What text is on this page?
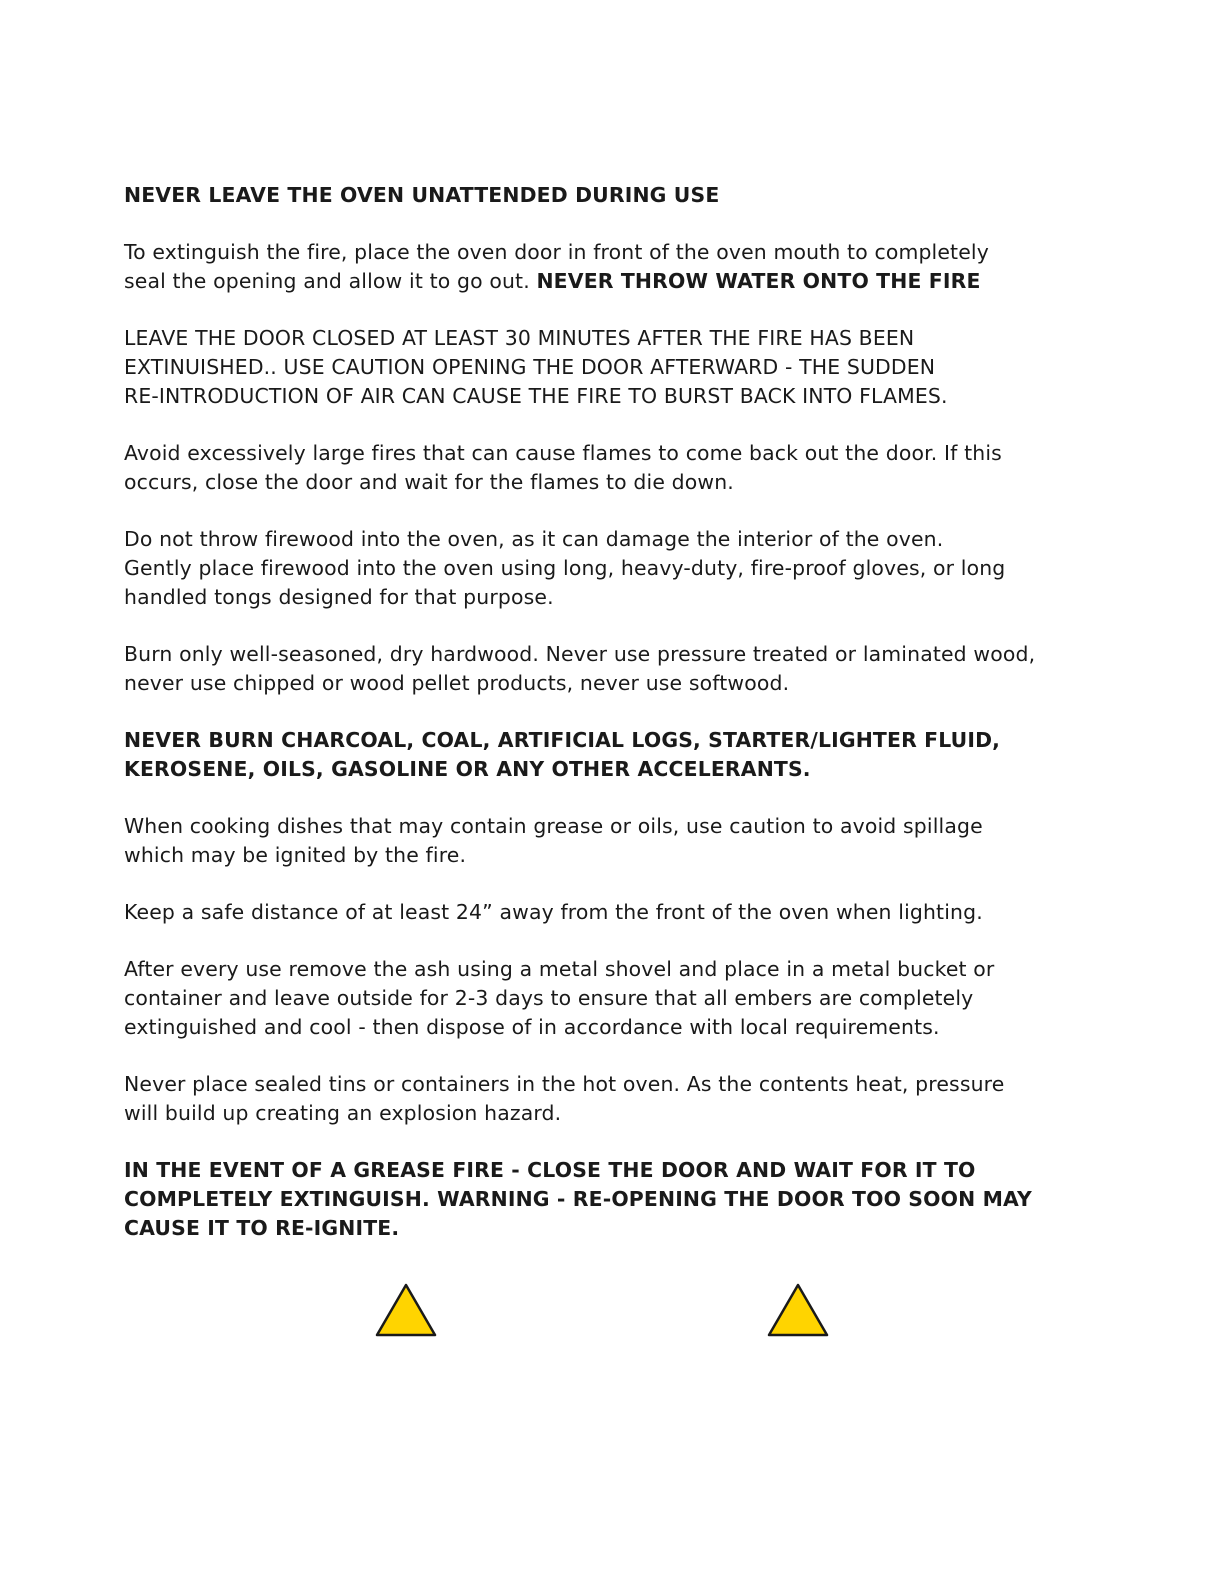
NEVER LEAVE THE OVEN UNATTENDED DURING USE
To extinguish the fire, place the oven door in front of the oven mouth to completely
seal the opening and allow it to go out. NEVER THROW WATER ONTO THE FIRE
LEAVE THE DOOR CLOSED AT LEAST 30 MINUTES AFTER THE FIRE HAS BEEN
EXTINUISHED.. USE CAUTION OPENING THE DOOR AFTERWARD - THE SUDDEN
RE-INTRODUCTION OF AIR CAN CAUSE THE FIRE TO BURST BACK INTO FLAMES.
Avoid excessively large fires that can cause flames to come back out the door. If this
occurs, close the door and wait for the flames to die down.
Do not throw firewood into the oven, as it can damage the interior of the oven.
Gently place firewood into the oven using long, heavy-duty, fire-proof gloves, or long
handled tongs designed for that purpose.
Burn only well-seasoned, dry hardwood. Never use pressure treated or laminated wood,
never use chipped or wood pellet products, never use softwood.
NEVER BURN CHARCOAL, COAL, ARTIFICIAL LOGS, STARTER/LIGHTER FLUID,
KEROSENE, OILS, GASOLINE OR ANY OTHER ACCELERANTS.
When cooking dishes that may contain grease or oils, use caution to avoid spillage
which may be ignited by the fire.
Keep a safe distance of at least 24” away from the front of the oven when lighting.
After every use remove the ash using a metal shovel and place in a metal bucket or
container and leave outside for 2-3 days to ensure that all embers are completely
extinguished and cool - then dispose of in accordance with local requirements.
Never place sealed tins or containers in the hot oven. As the contents heat, pressure
will build up creating an explosion hazard.
IN THE EVENT OF A GREASE FIRE - CLOSE THE DOOR AND WAIT FOR IT TO
COMPLETELY EXTINGUISH. WARNING - RE-OPENING THE DOOR TOO SOON MAY
CAUSE IT TO RE-IGNITE.
